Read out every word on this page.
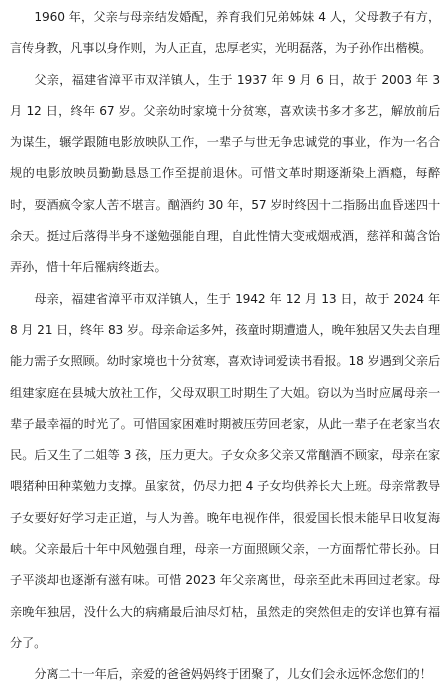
1960 年，父亲与母亲结发婚配，养育我们兄弟姊妹 4 人，父母教子有方，言传身教，凡事以身作则，为人正直，忠厚老实，光明磊落，为子孙作出楷模。

父亲，福建省漳平市双洋镇人，生于 1937 年 9 月 6 日，故于 2003 年 3 月 12 日，终年 67 岁。父亲幼时家境十分贫寒，喜欢读书多才多艺，解放前后为谋生，辗学跟随电影放映队工作，一辈子与世无争忠诚党的事业，作为一名合规的电影放映员勤勤恳恳工作至提前退休。可惜文革时期逐渐染上酒瘾，每醉时，耍酒疯令家人苦不堪言。酗酒约 30 年，57 岁时终因十二指肠出血昏迷四十余天。挺过后落得半身不遂勉强能自理，自此性情大变戒烟戒酒，慈祥和蔼含饴弄孙，惜十年后罹病终逝去。

母亲，福建省漳平市双洋镇人，生于 1942 年 12 月 13 日，故于 2024 年 8 月 21 日，终年 83 岁。母亲命运多舛，孩童时期遭遗人，晚年独居又失去自理能力需子女照顾。幼时家境也十分贫寒，喜欢诗词爱读书看报。18 岁遇到父亲后组建家庭在县城大放社工作，父母双职工时期生了大姐。窃以为当时应属母亲一辈子最幸福的时光了。可惜国家困难时期被压劳回老家，从此一辈子在老家当农民。后又生了二姐等 3 孩，压力更大。子女众多父亲又常酗酒不顾家，母亲在家喂猪种田种菜勉力支撑。虽家贫，仍尽力把 4 子女均供养长大上班。母亲常教导子女要好好学习走正道，与人为善。晚年电视作伴，很爱国长恨未能早日收复海峡。父亲最后十年中风勉强自理，母亲一方面照顾父亲，一方面帮忙带长孙。日子平淡却也逐渐有滋有味。可惜 2023 年父亲离世，母亲至此未再回过老家。母亲晚年独居，没什么大的病痛最后油尽灯枯，虽然走的突然但走的安详也算有福分了。

分离二十一年后，亲爱的爸爸妈妈终于团聚了，儿女们会永远怀念您们的！
